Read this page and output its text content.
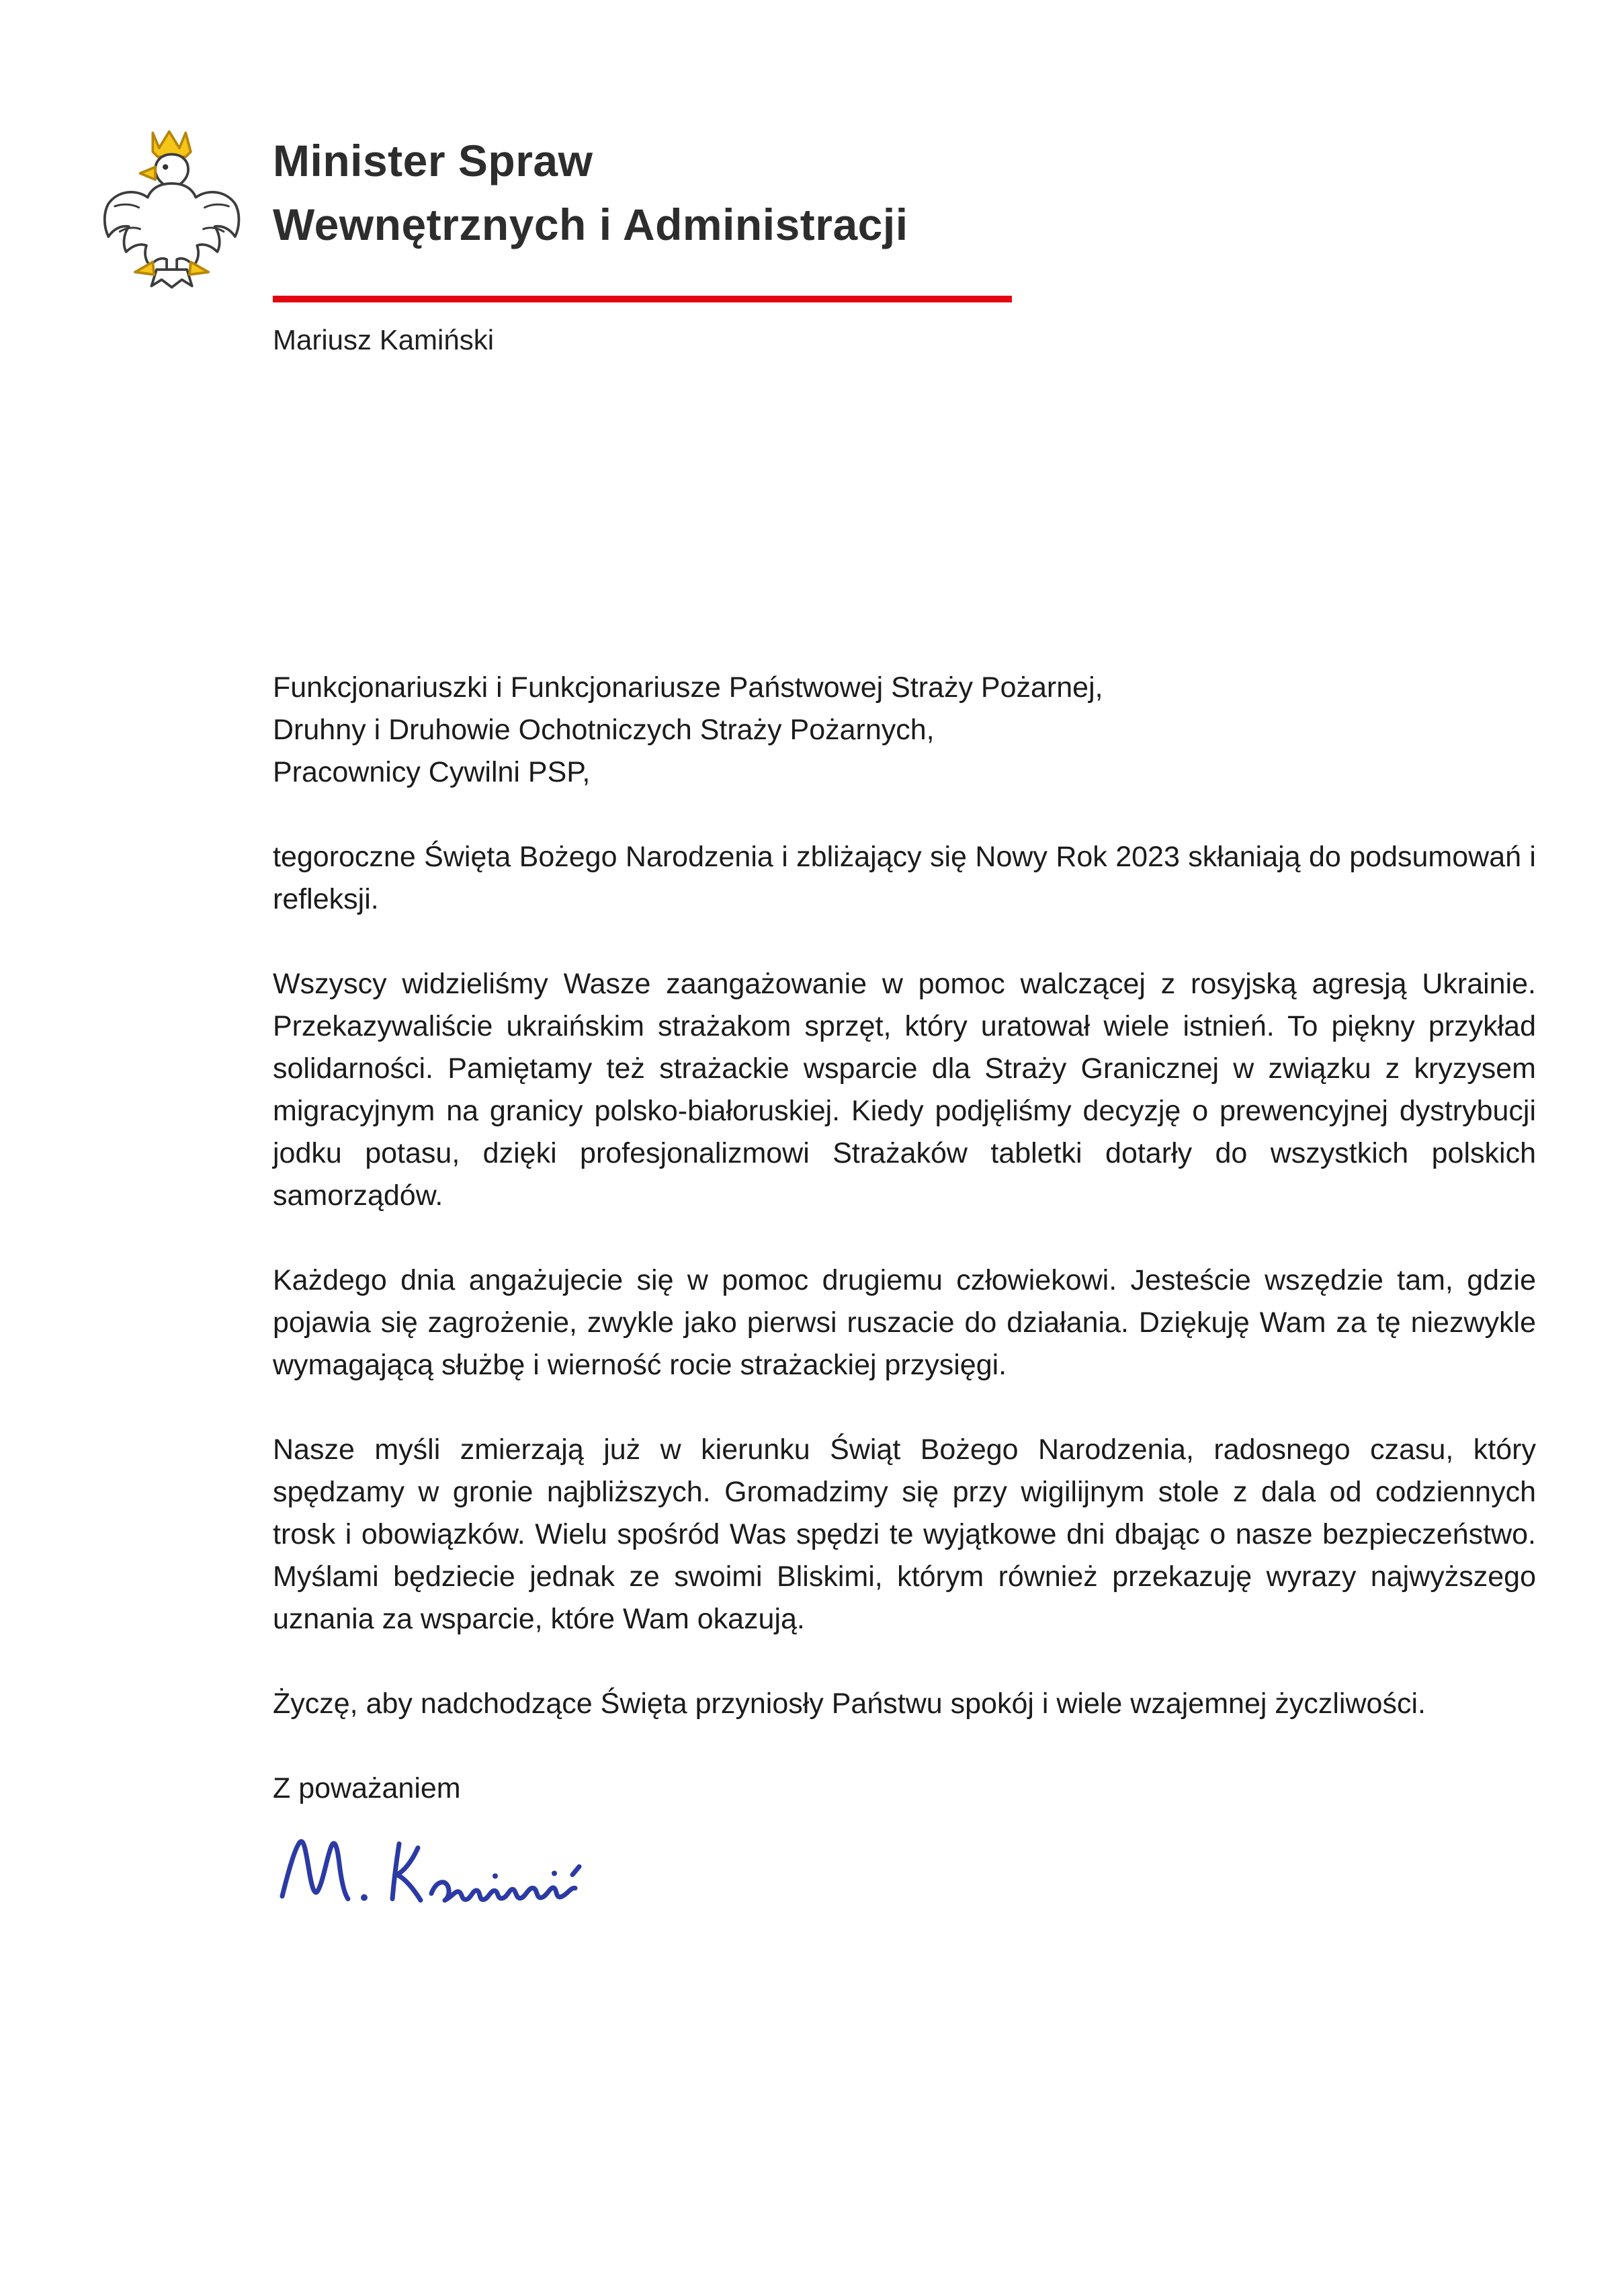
Minister Spraw
Wewnętrznych i Administracji
Mariusz Kamiński
Funkcjonariuszki i Funkcjonariusze Państwowej Straży Pożarnej,
Druhny i Druhowie Ochotniczych Straży Pożarnych,
Pracownicy Cywilni PSP,

tegoroczne Święta Bożego Narodzenia i zbliżający się Nowy Rok 2023 skłaniają do podsumowań i refleksji.

Wszyscy widzieliśmy Wasze zaangażowanie w pomoc walczącej z rosyjską agresją Ukrainie. Przekazywaliście ukraińskim strażakom sprzęt, który uratował wiele istnień. To piękny przykład solidarności. Pamiętamy też strażackie wsparcie dla Straży Granicznej w związku z kryzysem migracyjnym na granicy polsko-białoruskiej. Kiedy podjęliśmy decyzję o prewencyjnej dystrybucji jodku potasu, dzięki profesjonalizmowi Strażaków tabletki dotarły do wszystkich polskich samorządów.

Każdego dnia angażujecie się w pomoc drugiemu człowiekowi. Jesteście wszędzie tam, gdzie pojawia się zagrożenie, zwykle jako pierwsi ruszacie do działania. Dziękuję Wam za tę niezwykle wymagającą służbę i wierność rocie strażackiej przysięgi.

Nasze myśli zmierzają już w kierunku Świąt Bożego Narodzenia, radosnego czasu, który spędzamy w gronie najbliższych. Gromadzimy się przy wigilijnym stole z dala od codziennych trosk i obowiązków. Wielu spośród Was spędzi te wyjątkowe dni dbając o nasze bezpieczeństwo. Myślami będziecie jednak ze swoimi Bliskimi, którym również przekazuję wyrazy najwyższego uznania za wsparcie, które Wam okazują.

Życzę, aby nadchodzące Święta przyniosły Państwu spokój i wiele wzajemnej życzliwości.

Z poważaniem
